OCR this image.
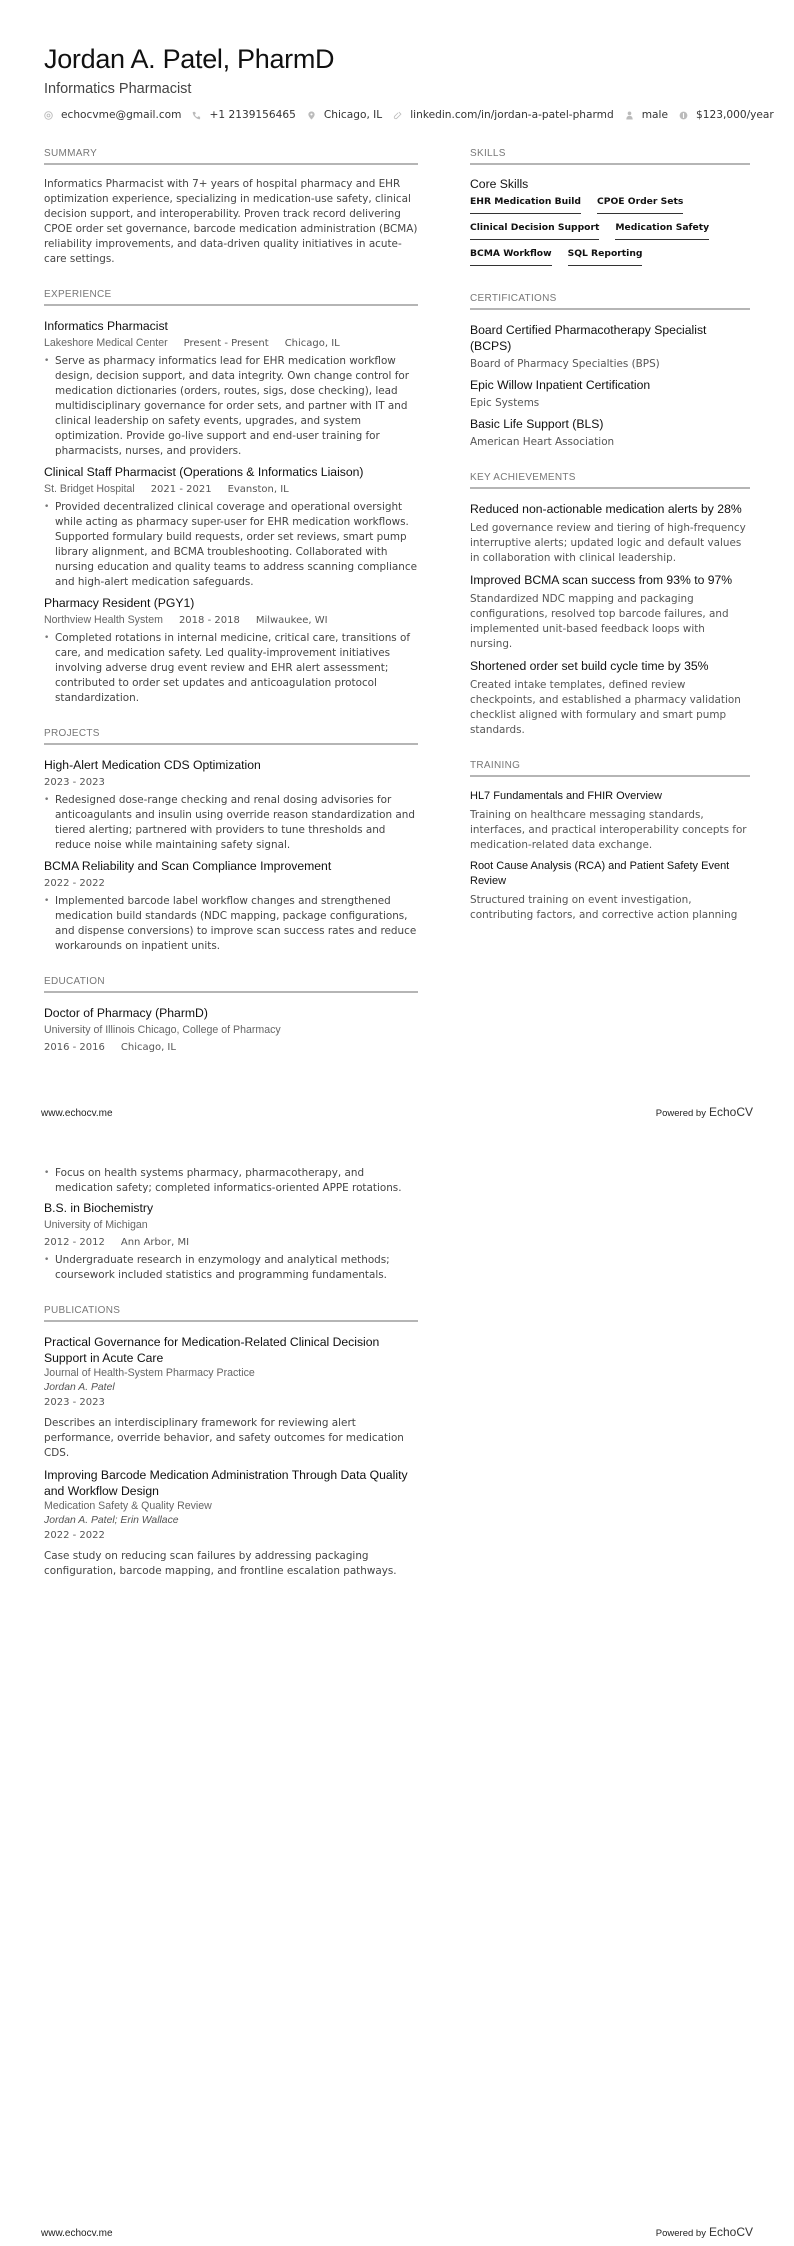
Jordan A. Patel, PharmD
Informatics Pharmacist
echocvme@gmail.com	+1 2139156465	Chicago, IL	linkedin.com/in/jordan-a-patel-pharmd	male	$123,000/year
SUMMARY

Informatics Pharmacist with 7+ years of hospital pharmacy and EHR optimization experience, specializing in medication-use safety, clinical decision support, and interoperability. Proven track record delivering CPOE order set governance, barcode medication administration (BCMA) reliability improvements, and data-driven quality initiatives in acute-care settings.

EXPERIENCE
Informatics Pharmacist
Lakeshore Medical Center Present - Present Chicago, IL
• Serve as pharmacy informatics lead for EHR medication workflow design, decision support, and data integrity. Own change control for medication dictionaries (orders, routes, sigs, dose checking), lead multidisciplinary governance for order sets, and partner with IT and clinical leadership on safety events, upgrades, and system optimization. Provide go-live support and end-user training for pharmacists, nurses, and providers.
Clinical Staff Pharmacist (Operations & Informatics Liaison)
St. Bridget Hospital 2021 - 2021 Evanston, IL
• Provided decentralized clinical coverage and operational oversight while acting as pharmacy super-user for EHR medication workflows. Supported formulary build requests, order set reviews, smart pump library alignment, and BCMA troubleshooting. Collaborated with nursing education and quality teams to address scanning compliance and high-alert medication safeguards.
Pharmacy Resident (PGY1)
Northview Health System 2018 - 2018 Milwaukee, WI
• Completed rotations in internal medicine, critical care, transitions of care, and medication safety. Led quality-improvement initiatives involving adverse drug event review and EHR alert assessment; contributed to order set updates and anticoagulation protocol standardization.
PROJECTS
High-Alert Medication CDS Optimization
2023 - 2023
• Redesigned dose-range checking and renal dosing advisories for anticoagulants and insulin using override reason standardization and tiered alerting; partnered with providers to tune thresholds and reduce noise while maintaining safety signal.
BCMA Reliability and Scan Compliance Improvement
2022 - 2022
• Implemented barcode label workflow changes and strengthened medication build standards (NDC mapping, package configurations, and dispense conversions) to improve scan success rates and reduce workarounds on inpatient units.
EDUCATION
Doctor of Pharmacy (PharmD)
University of Illinois Chicago, College of Pharmacy
2016 - 2016 Chicago, IL
SKILLS
Core Skills
EHR Medication Build CPOE Order Sets
Clinical Decision Support Medication Safety
BCMA Workflow SQL Reporting
CERTIFICATIONS
Board Certified Pharmacotherapy Specialist (BCPS)
Board of Pharmacy Specialties (BPS)
Epic Willow Inpatient Certification
Epic Systems
Basic Life Support (BLS)
American Heart Association
KEY ACHIEVEMENTS
Reduced non-actionable medication alerts by 28%
Led governance review and tiering of high-frequency interruptive alerts; updated logic and default values in collaboration with clinical leadership.
Improved BCMA scan success from 93% to 97%
Standardized NDC mapping and packaging configurations, resolved top barcode failures, and implemented unit-based feedback loops with nursing.
Shortened order set build cycle time by 35%
Created intake templates, defined review checkpoints, and established a pharmacy validation checklist aligned with formulary and smart pump standards.
TRAINING
HL7 Fundamentals and FHIR Overview
Training on healthcare messaging standards, interfaces, and practical interoperability concepts for medication-related data exchange.
Root Cause Analysis (RCA) and Patient Safety Event Review
Structured training on event investigation, contributing factors, and corrective action planning
www.echocv.me	Powered by EchoCV
• Focus on health systems pharmacy, pharmacotherapy, and medication safety; completed informatics-oriented APPE rotations.
B.S. in Biochemistry
University of Michigan
2012 - 2012 Ann Arbor, MI
• Undergraduate research in enzymology and analytical methods; coursework included statistics and programming fundamentals.
PUBLICATIONS
Practical Governance for Medication-Related Clinical Decision Support in Acute Care
Journal of Health-System Pharmacy Practice
Jordan A. Patel
2023 - 2023
Describes an interdisciplinary framework for reviewing alert performance, override behavior, and safety outcomes for medication CDS.
Improving Barcode Medication Administration Through Data Quality and Workflow Design
Medication Safety & Quality Review
Jordan A. Patel; Erin Wallace
2022 - 2022
Case study on reducing scan failures by addressing packaging configuration, barcode mapping, and frontline escalation pathways.
www.echocv.me	Powered by EchoCV
